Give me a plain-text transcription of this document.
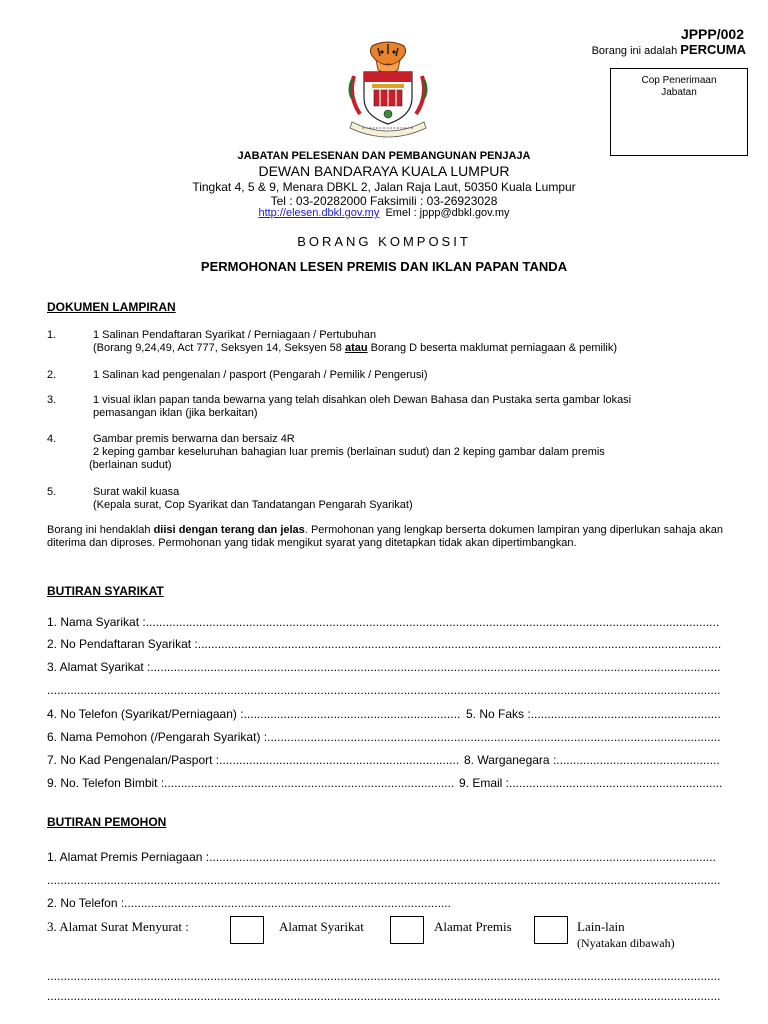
JPPP/002
Borang ini adalah PERCUMA
Cop Penerimaan
Jabatan
JABATAN PELESENAN DAN PEMBANGUNAN PENJAJA
DEWAN BANDARAYA KUALA LUMPUR
Tingkat 4, 5 & 9, Menara DBKL 2, Jalan Raja Laut, 50350 Kuala Lumpur
Tel : 03-20282000 Faksimili : 03-26923028
http://elesen.dbkl.gov.my Emel : jppp@dbkl.gov.my
BORANG KOMPOSIT
PERMOHONAN LESEN PREMIS DAN IKLAN PAPAN TANDA
DOKUMEN LAMPIRAN
1.	1 Salinan Pendaftaran Syarikat / Perniagaan / Pertubuhan
(Borang 9,24,49, Act 777, Seksyen 14, Seksyen 58 atau Borang D beserta maklumat perniagaan & pemilik)
2.	1 Salinan kad pengenalan / pasport (Pengarah / Pemilik / Pengerusi)
3.	1 visual iklan papan tanda bewarna yang telah disahkan oleh Dewan Bahasa dan Pustaka serta gambar lokasi
pemasangan iklan (jika berkaitan)
4.	Gambar premis berwarna dan bersaiz 4R
2 keping gambar keseluruhan bahagian luar premis (berlainan sudut) dan 2 keping gambar dalam premis
(berlainan sudut)
5.	Surat wakil kuasa
(Kepala surat, Cop Syarikat dan Tandatangan Pengarah Syarikat)
Borang ini hendaklah diisi dengan terang dan jelas. Permohonan yang lengkap berserta dokumen lampiran yang diperlukan sahaja akan diterima dan diproses. Permohonan yang tidak mengikut syarat yang ditetapkan tidak akan dipertimbangkan.
BUTIRAN SYARIKAT
1. Nama Syarikat :............................................................................................................................................................................
2. No Pendaftaran Syarikat :.............................................................................................................................................................
3. Alamat Syarikat :...........................................................................................................................................................................
..........................................................................................................................................................................................................
4. No Telefon (Syarikat/Perniagaan) :................................................................. 5. No Faks :.........................................................
6. Nama Pemohon (/Pengarah Syarikat) :........................................................................................................................................
7. No Kad Pengenalan/Pasport :........................................................................ 8. Warganegara :.................................................
9. No. Telefon Bimbit :....................................................................................... 9. Email :................................................................
BUTIRAN PEMOHON
1. Alamat Premis Perniagaan :........................................................................................................................................................
..........................................................................................................................................................................................................
2. No Telefon :..................................................................................................
3. Alamat Surat Menyurat :	Alamat Syarikat	Alamat Premis	Lain-lain
(Nyatakan dibawah)
..........................................................................................................................................................................................................
..........................................................................................................................................................................................................
